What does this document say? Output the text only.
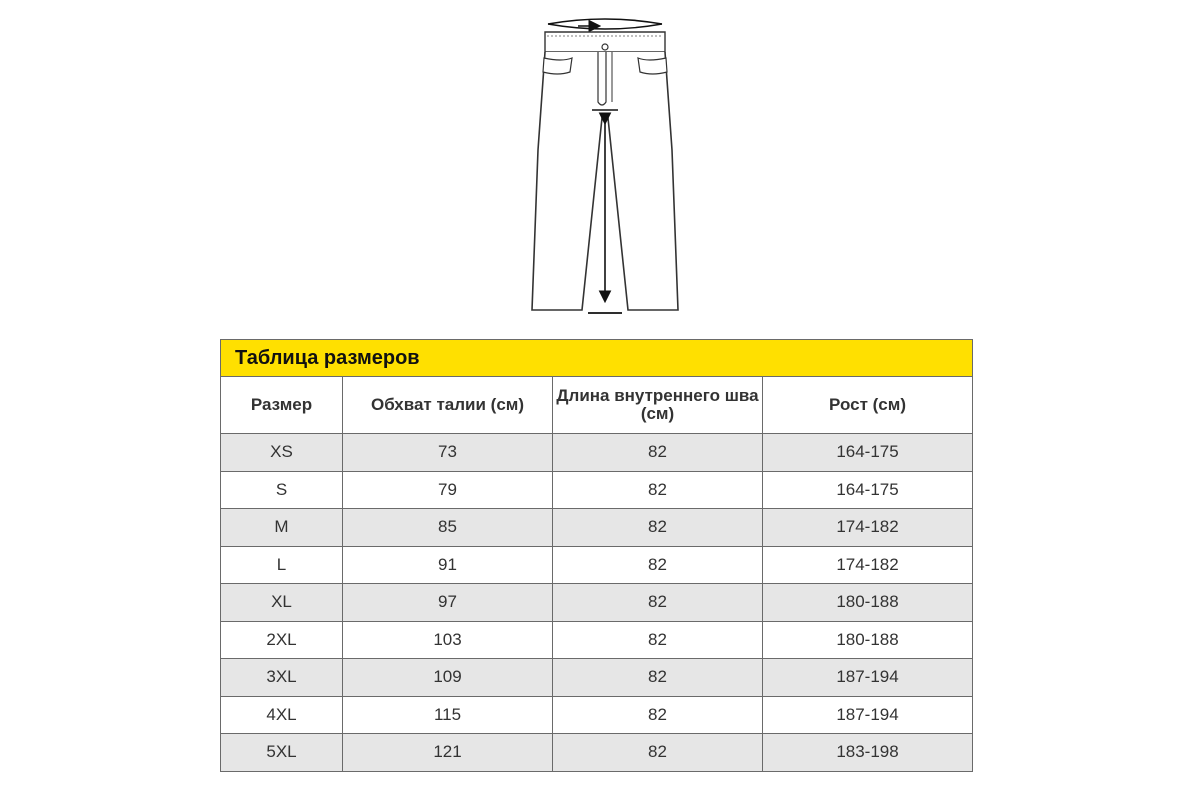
Таблица размеров			
Размер	Обхват талии (см)	Длина внутреннего шва (см)	Рост (см)
XS	73	82	164-175
S	79	82	164-175
M	85	82	174-182
L	91	82	174-182
XL	97	82	180-188
2XL	103	82	180-188
3XL	109	82	187-194
4XL	115	82	187-194
5XL	121	82	183-198
